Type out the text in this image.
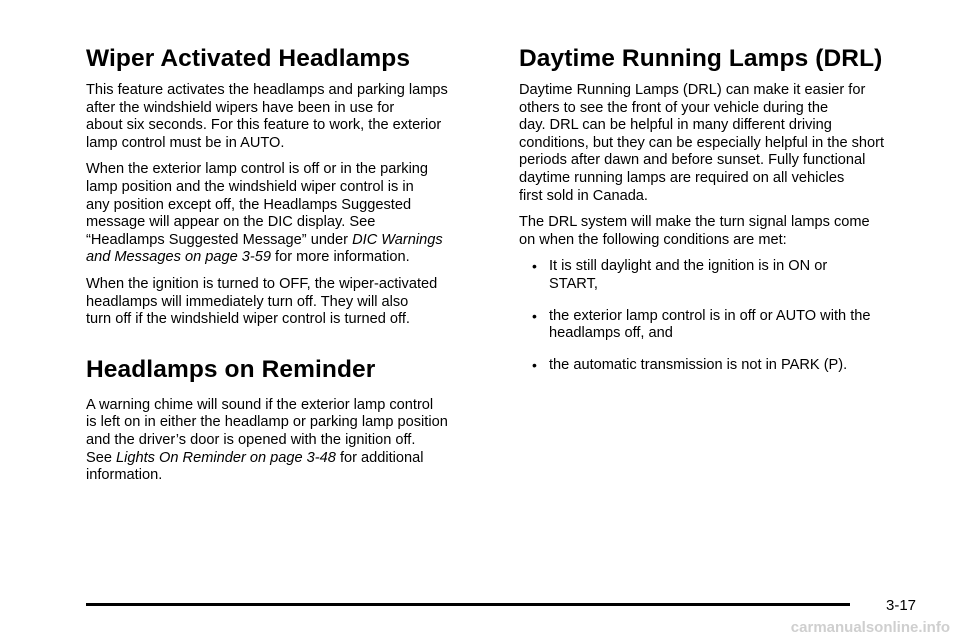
Wiper Activated Headlamps

This feature activates the headlamps and parking lamps
after the windshield wipers have been in use for
about six seconds. For this feature to work, the exterior
lamp control must be in AUTO.

When the exterior lamp control is off or in the parking
lamp position and the windshield wiper control is in
any position except off, the Headlamps Suggested
message will appear on the DIC display. See
“Headlamps Suggested Message” under DIC Warnings
and Messages on page 3-59 for more information.

When the ignition is turned to OFF, the wiper-activated
headlamps will immediately turn off. They will also
turn off if the windshield wiper control is turned off.

Headlamps on Reminder

A warning chime will sound if the exterior lamp control
is left on in either the headlamp or parking lamp position
and the driver’s door is opened with the ignition off.
See Lights On Reminder on page 3-48 for additional
information.

Daytime Running Lamps (DRL)

Daytime Running Lamps (DRL) can make it easier for
others to see the front of your vehicle during the
day. DRL can be helpful in many different driving
conditions, but they can be especially helpful in the short
periods after dawn and before sunset. Fully functional
daytime running lamps are required on all vehicles
first sold in Canada.

The DRL system will make the turn signal lamps come
on when the following conditions are met:

• It is still daylight and the ignition is in ON or
START,
• the exterior lamp control is in off or AUTO with the
headlamps off, and
• the automatic transmission is not in PARK (P).
3-17
carmanualsonline.info
